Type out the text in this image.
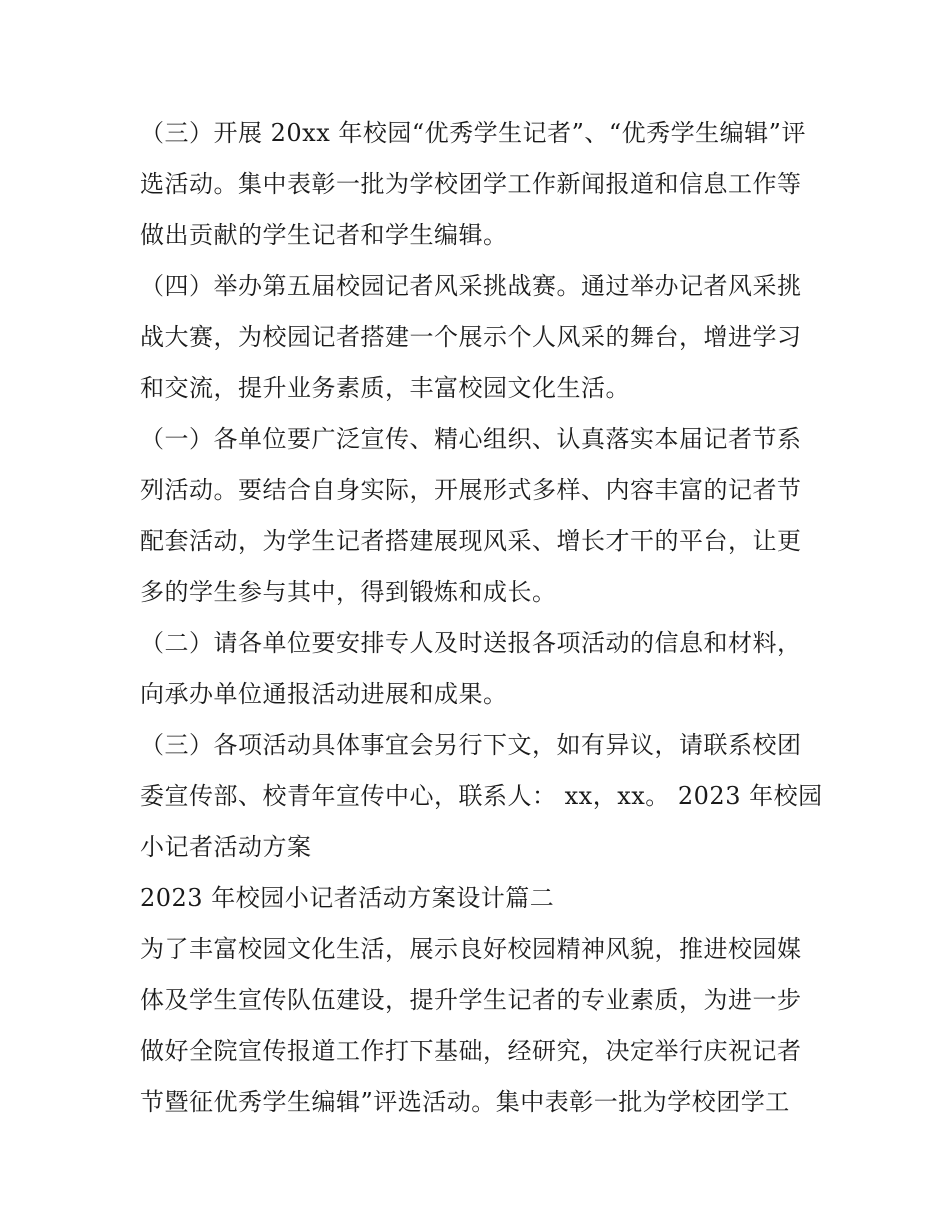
（三）开展 20xx 年校园“优秀学生记者”、“优秀学生编辑”评
选活动。集中表彰一批为学校团学工作新闻报道和信息工作等
做出贡献的学生记者和学生编辑。
（四）举办第五届校园记者风采挑战赛。通过举办记者风采挑
战大赛，为校园记者搭建一个展示个人风采的舞台，增进学习
和交流，提升业务素质，丰富校园文化生活。
（一）各单位要广泛宣传、精心组织、认真落实本届记者节系
列活动。要结合自身实际，开展形式多样、内容丰富的记者节
配套活动，为学生记者搭建展现风采、增长才干的平台，让更
多的学生参与其中，得到锻炼和成长。
（二）请各单位要安排专人及时送报各项活动的信息和材料，
向承办单位通报活动进展和成果。
（三）各项活动具体事宜会另行下文，如有异议，请联系校团
委宣传部、校青年宣传中心，联系人： xx，xx。 2023 年校园
小记者活动方案
2023 年校园小记者活动方案设计篇二
为了丰富校园文化生活，展示良好校园精神风貌，推进校园媒
体及学生宣传队伍建设，提升学生记者的专业素质，为进一步
做好全院宣传报道工作打下基础，经研究，决定举行庆祝记者
节暨征优秀学生编辑”评选活动。集中表彰一批为学校团学工
